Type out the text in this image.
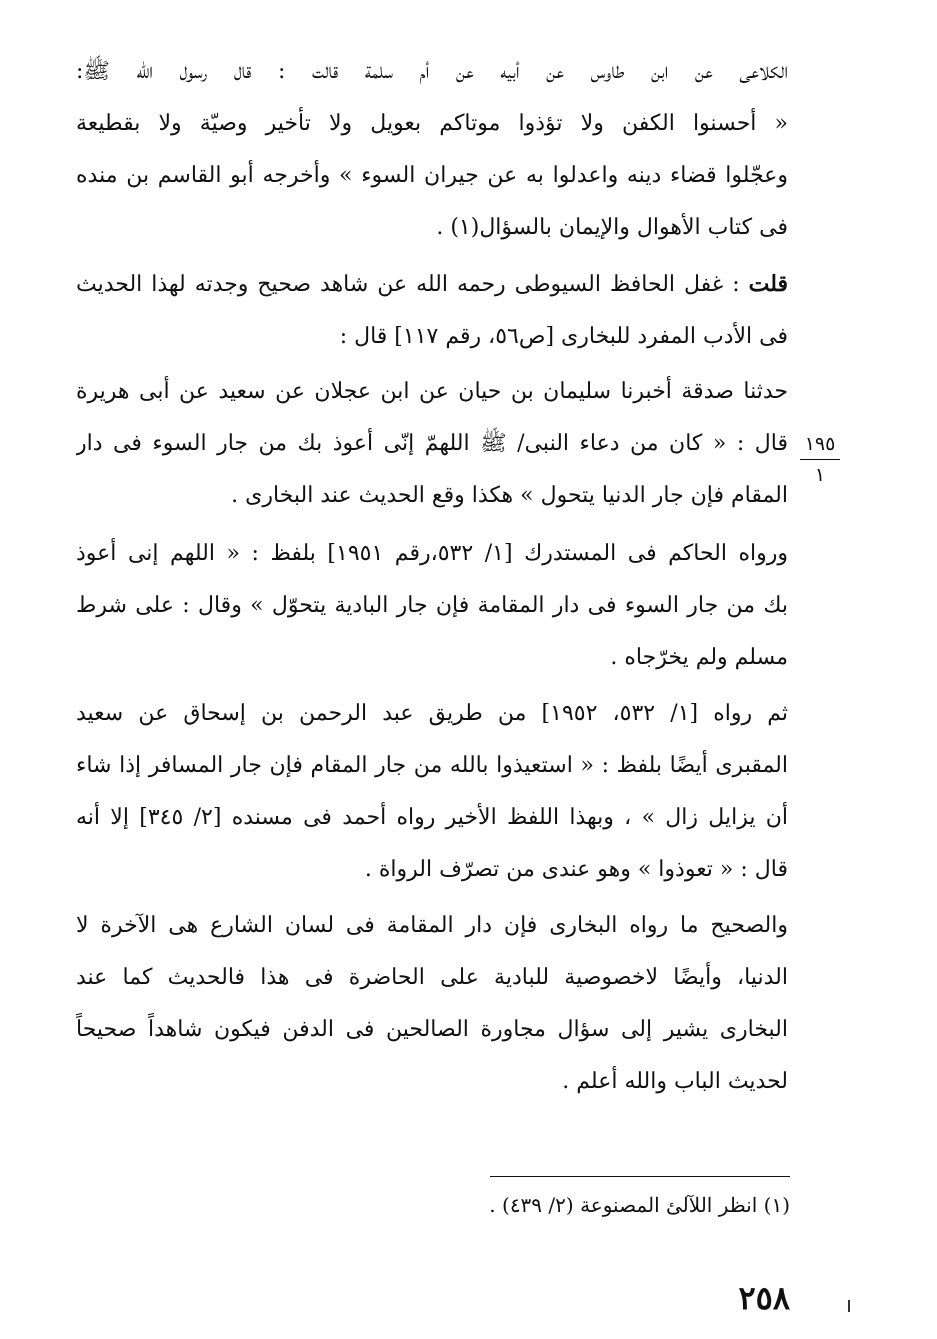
الكلاعى عن ابن طاوس عن أبيه عن أم سلمة قالت : قال رسول الله ﷺ:
« أحسنوا الكفن ولا تؤذوا موتاكم بعويل ولا تأخير وصيّة ولا بقطيعة
وعجّلوا قضاء دينه واعدلوا به عن جيران السوء » وأخرجه أبو القاسم بن منده
فى كتاب الأهوال والإيمان بالسؤال(١) .
قلت : غفل الحافظ السيوطى رحمه الله عن شاهد صحيح وجدته لهذا الحديث
فى الأدب المفرد للبخارى [ص٥٦، رقم ١١٧] قال :
حدثنا صدقة أخبرنا سليمان بن حيان عن ابن عجلان عن سعيد عن أبى هريرة
قال : « كان من دعاء النبى/ ﷺ اللهمّ إنّى أعوذ بك من جار السوء فى دار
المقام فإن جار الدنيا يتحول » هكذا وقع الحديث عند البخارى .
١٩٥
١
ورواه الحاكم فى المستدرك [١/ ٥٣٢،رقم ١٩٥١] بلفظ : « اللهم إنى أعوذ
بك من جار السوء فى دار المقامة فإن جار البادية يتحوّل » وقال : على شرط
مسلم ولم يخرّجاه .
ثم رواه [١/ ٥٣٢، ١٩٥٢] من طريق عبد الرحمن بن إسحاق عن سعيد
المقبرى أيضًا بلفظ : « استعيذوا بالله من جار المقام فإن جار المسافر إذا شاء
أن يزايل زال » ، وبهذا اللفظ الأخير رواه أحمد فى مسنده [٢/ ٣٤٥] إلا أنه
قال : « تعوذوا » وهو عندى من تصرّف الرواة .
والصحيح ما رواه البخارى فإن دار المقامة فى لسان الشارع هى الآخرة لا
الدنيا، وأيضًا لاخصوصية للبادية على الحاضرة فى هذا فالحديث كما عند
البخارى يشير إلى سؤال مجاورة الصالحين فى الدفن فيكون شاهداً صحيحاً
لحديث الباب والله أعلم .
(١) انظر اللآلئ المصنوعة (٢/ ٤٣٩) .
٢٥٨
